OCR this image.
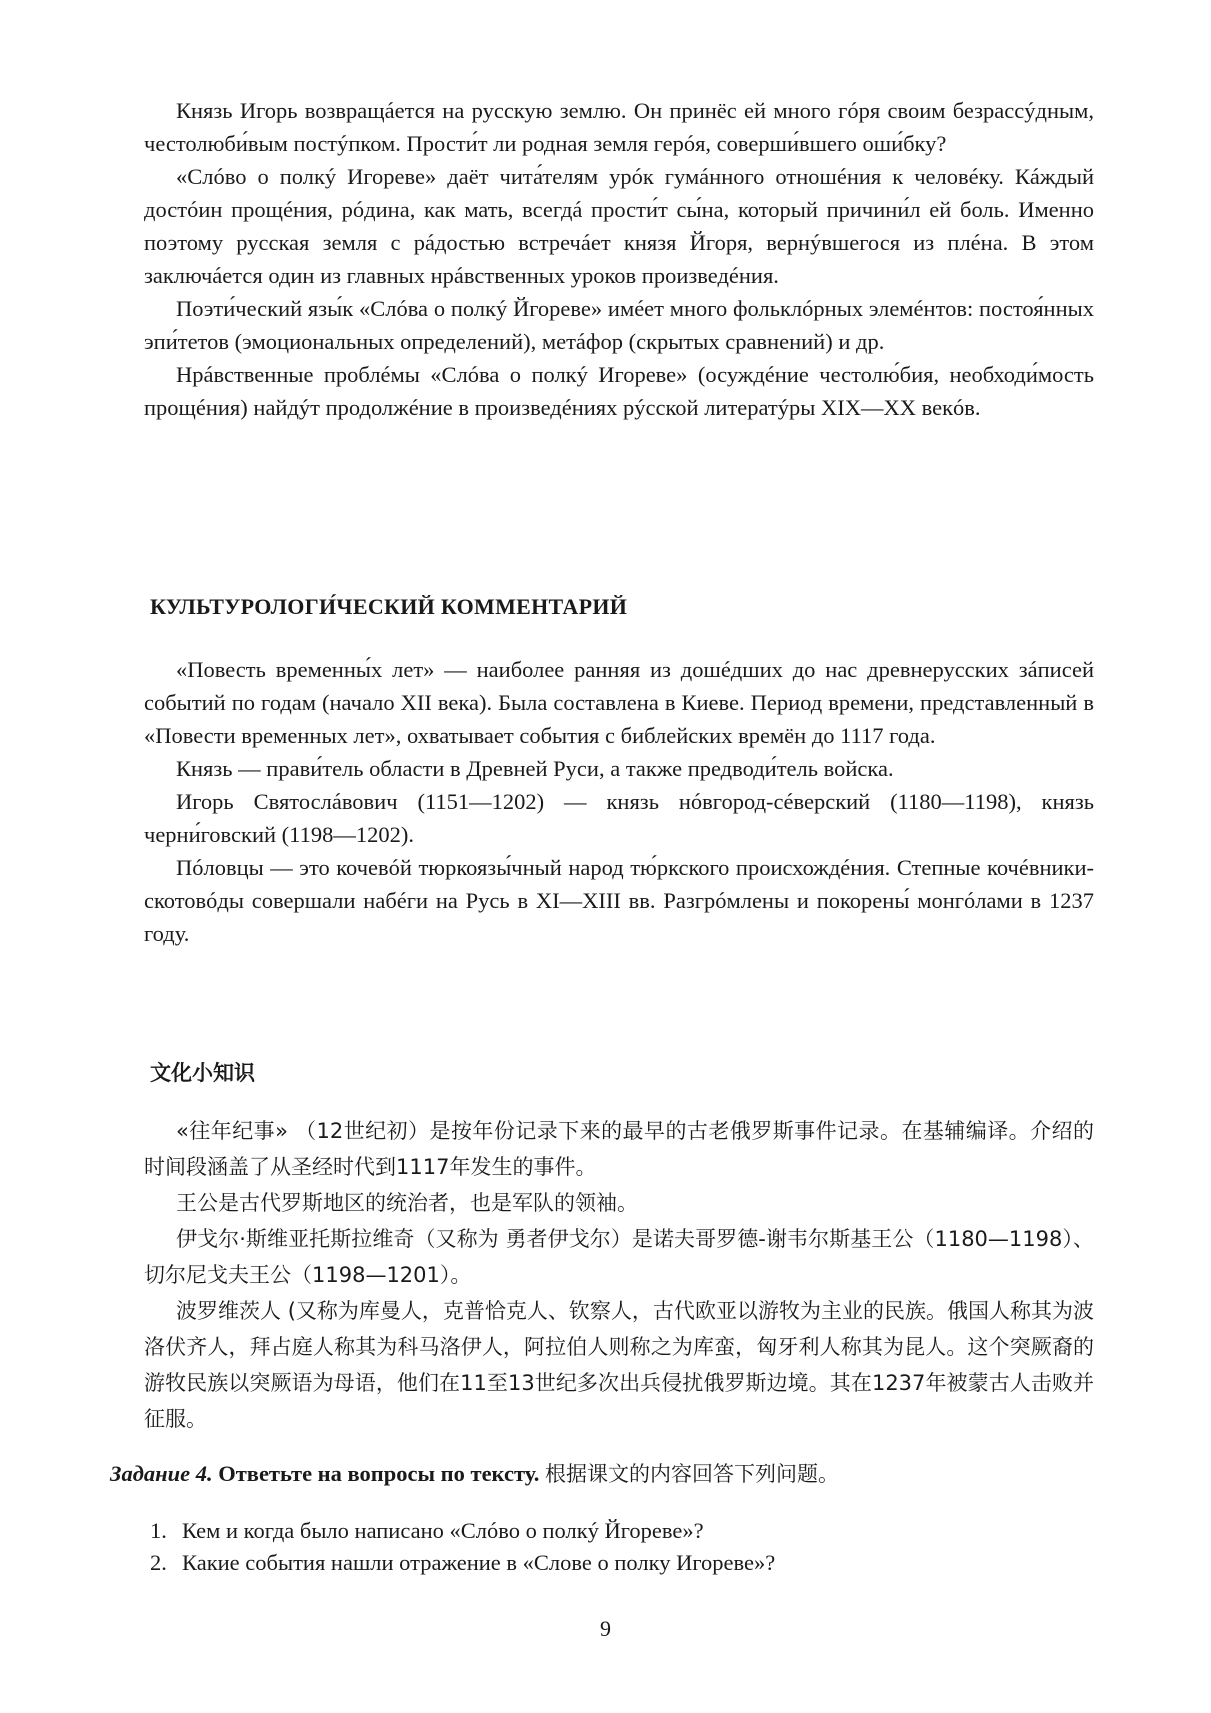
Князь Игорь возвращáется на русскую землю. Он принёс ей много гóря своим безрассýдным, честолюби́вым постýпком. Прости́т ли родная земля герóя, соверши́вшего оши́бку?

«Слóво о полкý Игореве» даёт чита́телям урóк гумáнного отношéния к человéку. Кáждый достóин прощéния, рóдина, как мать, всегдá прости́т сы́на, который причини́л ей боль. Именно поэтому русская земля с рáдостью встречáет князя Йгоря, вернýвшегося из плéна. В этом заключáется один из главных нрáвственных уроков произведéния.

Поэти́ческий язы́к «Слóва о полкý Йгореве» имéет много фольклóрных элемéнтов: постоя́нных эпи́тетов (эмоциональных определений), метáфор (скрытых сравнений) и др.

Нрáвственные проблéмы «Слóва о полкý Игореве» (осуждéние честолю́бия, необходи́мость прощéния) найдýт продолжéние в произведéниях рýсской литератýры XIX—XX векóв.

КУЛЬТУРОЛОГИ́ЧЕСКИЙ КОММЕНТАРИЙ

«Повесть временны́х лет» — наиболее ранняя из дошéдших до нас древнерусских зáписей событий по годам (начало XII века). Была составлена в Киеве. Период времени, представленный в «Повести временных лет», охватывает события с библейских времён до 1117 года.

Князь — прави́тель области в Древней Руси, а также предводи́тель войска.

Игорь Святослáвович (1151—1202) — князь нóвгород-сéверский (1180—1198), князь черни́говский (1198—1202).

Пóловцы — это кочевóй тюркоязы́чный народ тю́ркского происхождéния. Степные кочéвники-скотовóды совершали набéги на Русь в XI—XIII вв. Разгрóмлены и покорены́ монгóлами в 1237 году.

文化小知识

«往年纪事» （12世纪初）是按年份记录下来的最早的古老俄罗斯事件记录。在基辅编译。介绍的时间段涵盖了从圣经时代到1117年发生的事件。

王公是古代罗斯地区的统治者，也是军队的领袖。

伊戈尔·斯维亚托斯拉维奇（又称为 勇者伊戈尔）是诺夫哥罗德-谢韦尔斯基王公（1180—1198）、切尔尼戈夫王公（1198—1201）。

波罗维茨人 (又称为库曼人，克普恰克人、钦察人，古代欧亚以游牧为主业的民族。俄国人称其为波洛伏齐人，拜占庭人称其为科马洛伊人，阿拉伯人则称之为库蛮，匈牙利人称其为昆人。这个突厥裔的游牧民族以突厥语为母语，他们在11至13世纪多次出兵侵扰俄罗斯边境。其在1237年被蒙古人击败并征服。

Задание 4. Ответьте на вопросы по тексту. 根据课文的内容回答下列问题。

1. Кем и когда было написано «Слóво о полкý Йгореве»?
2. Какие события нашли отражение в «Слове о полку Игореве»?

9
